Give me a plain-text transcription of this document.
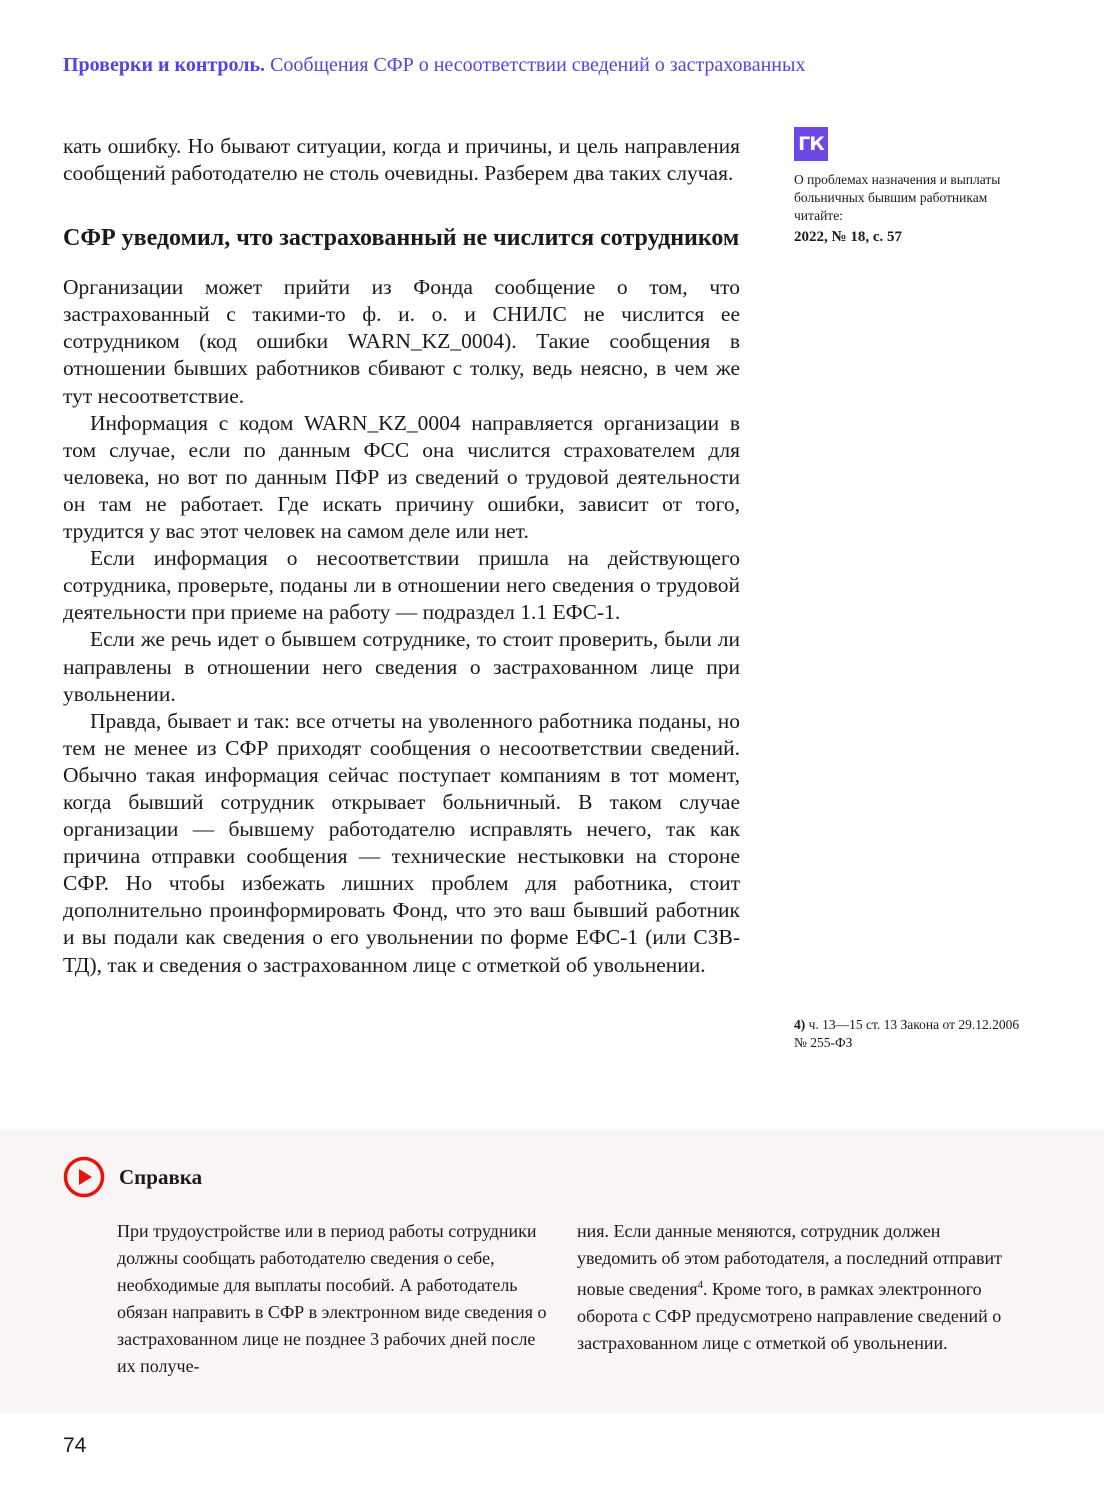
Проверки и контроль. Сообщения СФР о несоответствии сведений о застрахованных

кать ошибку. Но бывают ситуации, когда и причины, и цель направления сообщений работодателю не столь очевидны. Разберем два таких случая.

СФР уведомил, что застрахованный не числится сотрудником

Организации может прийти из Фонда сообщение о том, что застрахованный с такими-то ф. и. о. и СНИЛС не числится ее сотрудником (код ошибки WARN_KZ_0004). Такие сообщения в отношении бывших работников сбивают с толку, ведь неясно, в чем же тут несоответствие.

Информация с кодом WARN_KZ_0004 направляется организации в том случае, если по данным ФСС она числится страхователем для человека, но вот по данным ПФР из сведений о трудовой деятельности он там не работает. Где искать причину ошибки, зависит от того, трудится у вас этот человек на самом деле или нет.

Если информация о несоответствии пришла на действующего сотрудника, проверьте, поданы ли в отношении него сведения о трудовой деятельности при приеме на работу — подраздел 1.1 ЕФС-1.

Если же речь идет о бывшем сотруднике, то стоит проверить, были ли направлены в отношении него сведения о застрахованном лице при увольнении.

Правда, бывает и так: все отчеты на уволенного работника поданы, но тем не менее из СФР приходят сообщения о несоответствии сведений. Обычно такая информация сейчас поступает компаниям в тот момент, когда бывший сотрудник открывает больничный. В таком случае организации — бывшему работодателю исправлять нечего, так как причина отправки сообщения — технические нестыковки на стороне СФР. Но чтобы избежать лишних проблем для работника, стоит дополнительно проинформировать Фонд, что это ваш бывший работник и вы подали как сведения о его увольнении по форме ЕФС-1 (или СЗВ-ТД), так и сведения о застрахованном лице с отметкой об увольнении.

ГК
О проблемах назначения и выплаты больничных бывшим работникам читайте:
2022, № 18, с. 57
4) ч. 13—15 ст. 13 Закона от 29.12.2006 № 255-ФЗ
Справка
При трудоустройстве или в период работы сотрудники должны сообщать работодателю сведения о себе, необходимые для выплаты пособий. А работодатель обязан направить в СФР в электронном виде сведения о застрахованном лице не позднее 3 рабочих дней после их получе-
ния. Если данные меняются, сотрудник должен уведомить об этом работодателя, а последний отправит новые сведения$^4$. Кроме того, в рамках электронного оборота с СФР предусмотрено направление сведений о застрахованном лице с отметкой об увольнении.
74
